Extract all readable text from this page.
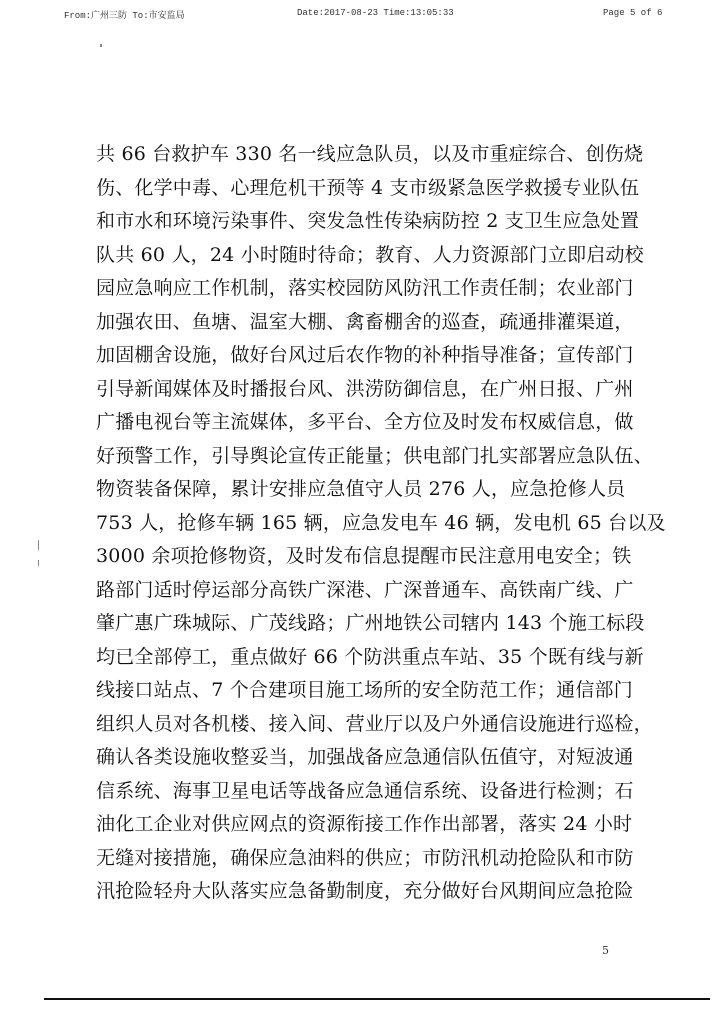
From:广州三防 To:市安监局	Date:2017-08-23 Time:13:05:33	Page 5 of 6
共 66 台救护车 330 名一线应急队员，以及市重症综合、创伤烧
伤、化学中毒、心理危机干预等 4 支市级紧急医学救援专业队伍
和市水和环境污染事件、突发急性传染病防控 2 支卫生应急处置
队共 60 人，24 小时随时待命；教育、人力资源部门立即启动校
园应急响应工作机制，落实校园防风防汛工作责任制；农业部门
加强农田、鱼塘、温室大棚、禽畜棚舍的巡查，疏通排灌渠道，
加固棚舍设施，做好台风过后农作物的补种指导准备；宣传部门
引导新闻媒体及时播报台风、洪涝防御信息，在广州日报、广州
广播电视台等主流媒体，多平台、全方位及时发布权威信息，做
好预警工作，引导舆论宣传正能量；供电部门扎实部署应急队伍、
物资装备保障，累计安排应急值守人员 276 人，应急抢修人员
753 人，抢修车辆 165 辆，应急发电车 46 辆，发电机 65 台以及
3000 余项抢修物资，及时发布信息提醒市民注意用电安全；铁
路部门适时停运部分高铁广深港、广深普通车、高铁南广线、广
肇广惠广珠城际、广茂线路；广州地铁公司辖内 143 个施工标段
均已全部停工，重点做好 66 个防洪重点车站、35 个既有线与新
线接口站点、7 个合建项目施工场所的安全防范工作；通信部门
组织人员对各机楼、接入间、营业厅以及户外通信设施进行巡检，
确认各类设施收整妥当，加强战备应急通信队伍值守，对短波通
信系统、海事卫星电话等战备应急通信系统、设备进行检测；石
油化工企业对供应网点的资源衔接工作作出部署，落实 24 小时
无缝对接措施，确保应急油料的供应；市防汛机动抢险队和市防
汛抢险轻舟大队落实应急备勤制度，充分做好台风期间应急抢险
5
